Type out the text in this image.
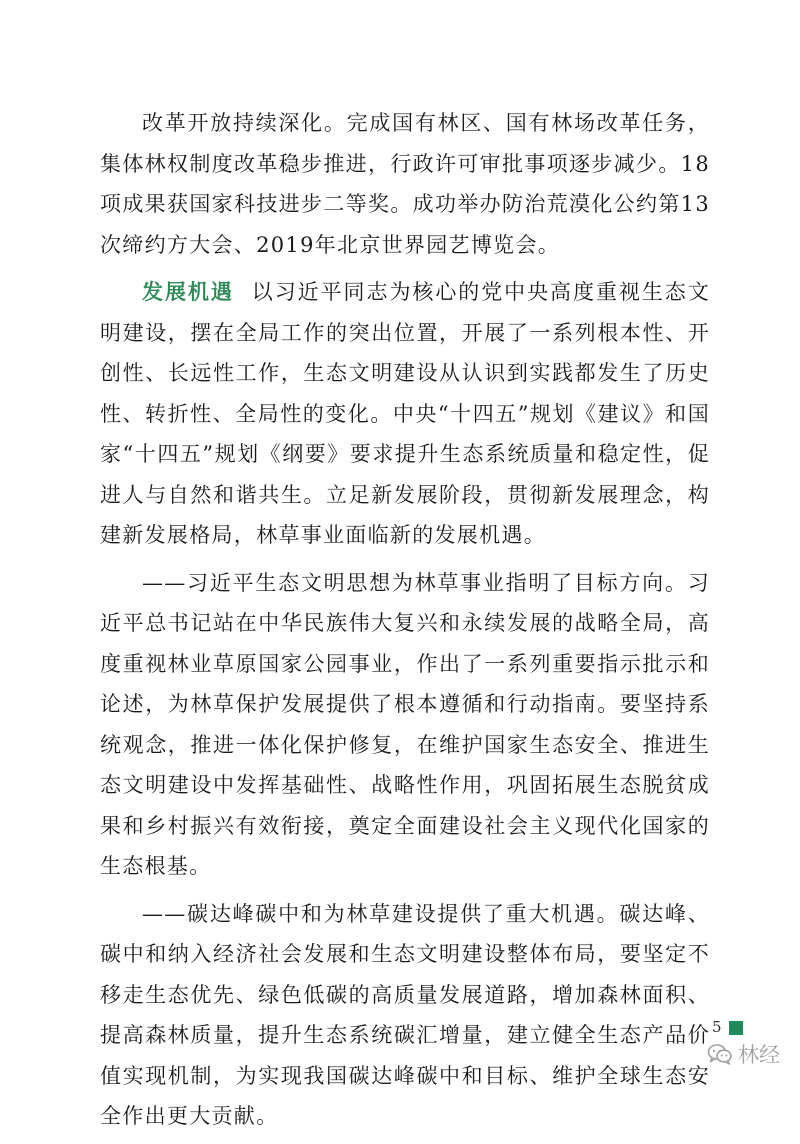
改革开放持续深化。完成国有林区、国有林场改革任务，集体林权制度改革稳步推进，行政许可审批事项逐步减少。18项成果获国家科技进步二等奖。成功举办防治荒漠化公约第13次缔约方大会、2019年北京世界园艺博览会。

发展机遇 以习近平同志为核心的党中央高度重视生态文明建设，摆在全局工作的突出位置，开展了一系列根本性、开创性、长远性工作，生态文明建设从认识到实践都发生了历史性、转折性、全局性的变化。中央“十四五”规划《建议》和国家“十四五”规划《纲要》要求提升生态系统质量和稳定性，促进人与自然和谐共生。立足新发展阶段，贯彻新发展理念，构建新发展格局，林草事业面临新的发展机遇。

——习近平生态文明思想为林草事业指明了目标方向。习近平总书记站在中华民族伟大复兴和永续发展的战略全局，高度重视林业草原国家公园事业，作出了一系列重要指示批示和论述，为林草保护发展提供了根本遵循和行动指南。要坚持系统观念，推进一体化保护修复，在维护国家生态安全、推进生态文明建设中发挥基础性、战略性作用，巩固拓展生态脱贫成果和乡村振兴有效衔接，奠定全面建设社会主义现代化国家的生态根基。

——碳达峰碳中和为林草建设提供了重大机遇。碳达峰、碳中和纳入经济社会发展和生态文明建设整体布局，要坚定不移走生态优先、绿色低碳的高质量发展道路，增加森林面积、提高森林质量，提升生态系统碳汇增量，建立健全生态产品价值实现机制，为实现我国碳达峰碳中和目标、维护全球生态安全作出更大贡献。

5
林经
